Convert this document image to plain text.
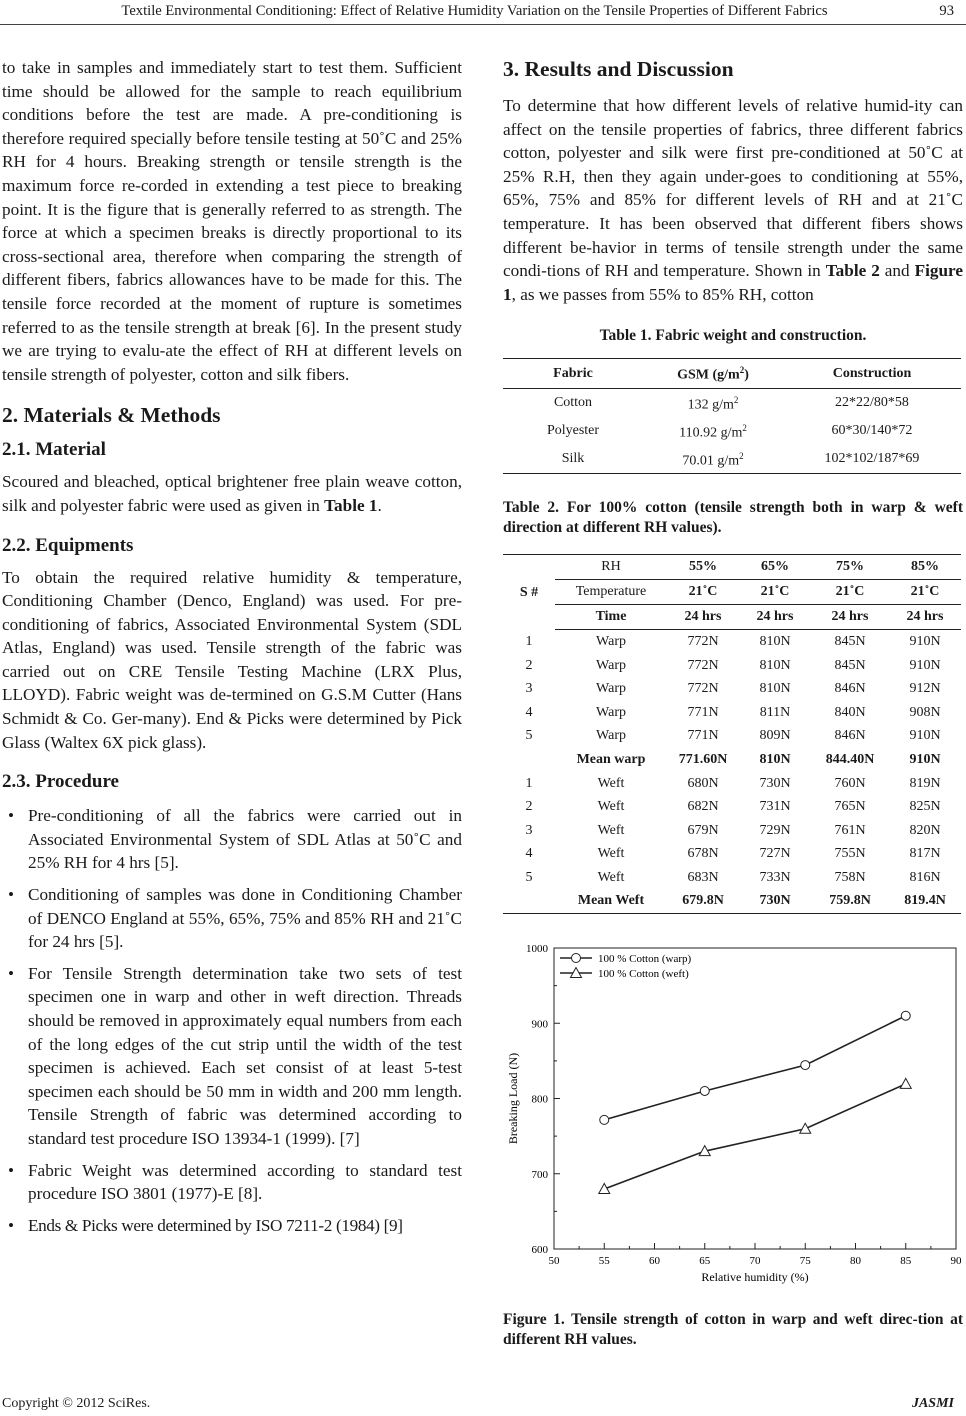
Textile Environmental Conditioning: Effect of Relative Humidity Variation on the Tensile Properties of Different Fabrics	93

to take in samples and immediately start to test them. Sufficient time should be allowed for the sample to reach equilibrium conditions before the test are made. A pre-conditioning is therefore required specially before tensile testing at 50˚C and 25% RH for 4 hours. Breaking strength or tensile strength is the maximum force re-corded in extending a test piece to breaking point. It is the figure that is generally referred to as strength. The force at which a specimen breaks is directly proportional to its cross-sectional area, therefore when comparing the strength of different fibers, fabrics allowances have to be made for this. The tensile force recorded at the moment of rupture is sometimes referred to as the tensile strength at break [6]. In the present study we are trying to evalu-ate the effect of RH at different levels on tensile strength of polyester, cotton and silk fibers.

2. Materials & Methods
2.1. Material

Scoured and bleached, optical brightener free plain weave cotton, silk and polyester fabric were used as given in Table 1.

2.2. Equipments

To obtain the required relative humidity & temperature, Conditioning Chamber (Denco, England) was used. For pre-conditioning of fabrics, Associated Environmental System (SDL Atlas, England) was used. Tensile strength of the fabric was carried out on CRE Tensile Testing Machine (LRX Plus, LLOYD). Fabric weight was de-termined on G.S.M Cutter (Hans Schmidt & Co. Ger-many). End & Picks were determined by Pick Glass (Waltex 6X pick glass).

2.3. Procedure
• Pre-conditioning of all the fabrics were carried out in Associated Environmental System of SDL Atlas at 50˚C and 25% RH for 4 hrs [5].
• Conditioning of samples was done in Conditioning Chamber of DENCO England at 55%, 65%, 75% and 85% RH and 21˚C for 24 hrs [5].
• For Tensile Strength determination take two sets of test specimen one in warp and other in weft direction. Threads should be removed in approximately equal numbers from each of the long edges of the cut strip until the width of the test specimen is achieved. Each set consist of at least 5-test specimen each should be 50 mm in width and 200 mm length. Tensile Strength of fabric was determined according to standard test procedure ISO 13934-1 (1999). [7]
• Fabric Weight was determined according to standard test procedure ISO 3801 (1977)-E [8].
• Ends & Picks were determined by ISO 7211-2 (1984) [9]
3. Results and Discussion

To determine that how different levels of relative humid-ity can affect on the tensile properties of fabrics, three different fabrics cotton, polyester and silk were first pre-conditioned at 50˚C at 25% R.H, then they again under-goes to conditioning at 55%, 65%, 75% and 85% for different levels of RH and at 21˚C temperature. It has been observed that different fibers shows different be-havior in terms of tensile strength under the same condi-tions of RH and temperature. Shown in Table 2 and Figure 1, as we passes from 55% to 85% RH, cotton

Table 1. Fabric weight and construction.
Fabric	GSM $(g/m^2)$	Construction
Cotton	132 $g/m^2$	22*22/80*58
Polyester	110.92 $g/m^2$	60*30/140*72
Silk	70.01 $g/m^2$	102*102/187*69
Table 2. For 100% cotton (tensile strength both in warp & weft direction at different RH values).
S #	RH	55%	65%	75%	85%
	Temperature	21˚C	21˚C	21˚C	21˚C
	Time	24 hrs	24 hrs	24 hrs	24 hrs
1	Warp	772N	810N	845N	910N
2	Warp	772N	810N	845N	910N
3	Warp	772N	810N	846N	912N
4	Warp	771N	811N	840N	908N
5	Warp	771N	809N	846N	910N
	Mean warp	771.60N	810N	844.40N	910N
1	Weft	680N	730N	760N	819N
2	Weft	682N	731N	765N	825N
3	Weft	679N	729N	761N	820N
4	Weft	678N	727N	755N	817N
5	Weft	683N	733N	758N	816N
	Mean Weft	679.8N	730N	759.8N	819.4N
50	55	60	65	70	75	80	85	90
600
700
800
900
1000
Relative humidity (%)
Breaking Load (N)
100 % Cotton (warp)
100 % Cotton (weft)
Figure 1. Tensile strength of cotton in warp and weft direc-tion at different RH values.
Copyright © 2012 SciRes.	JASMI
